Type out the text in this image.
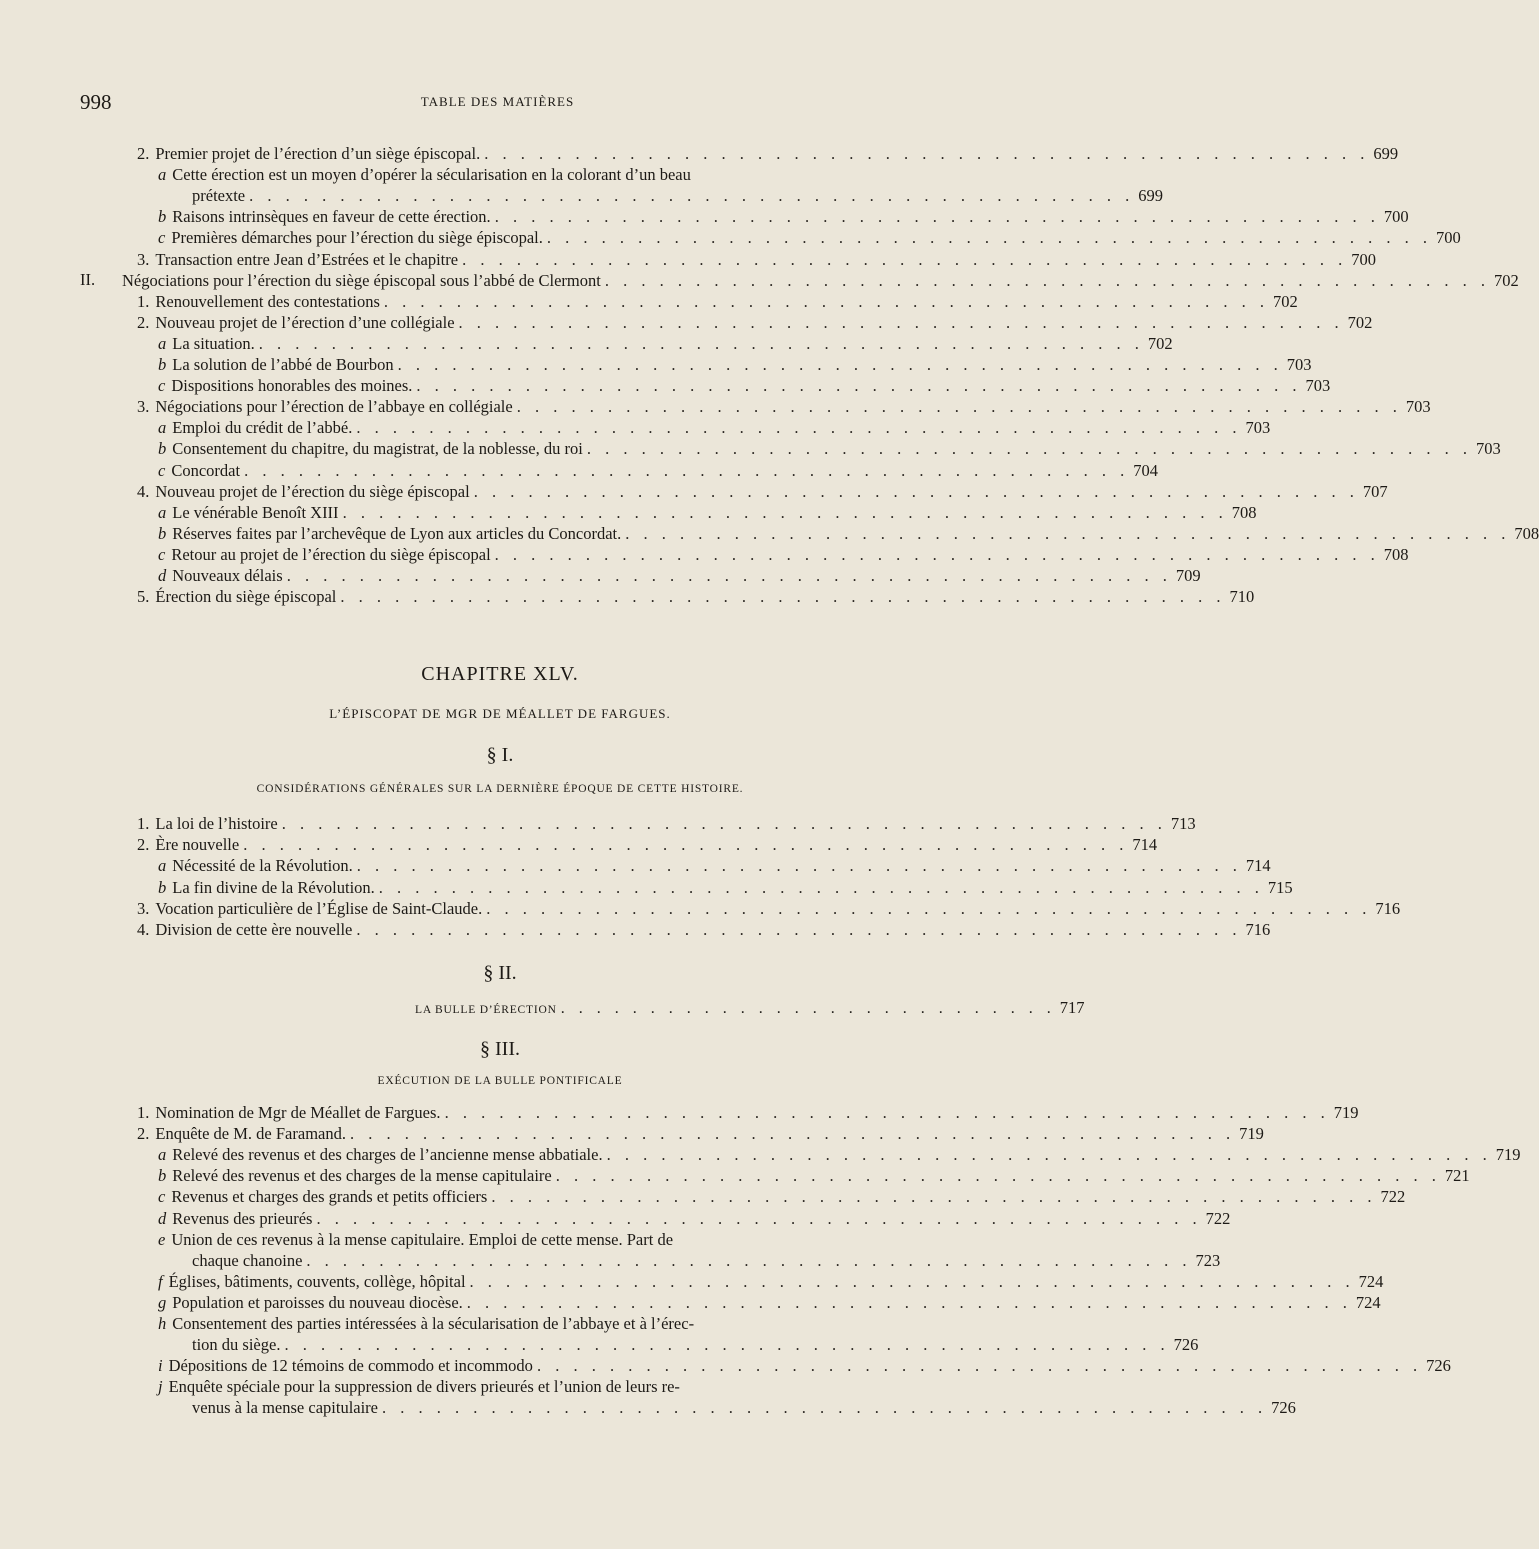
998	TABLE DES MATIÈRES
II.
CHAPITRE XLV.
L’ÉPISCOPAT DE MGR DE MÉALLET DE FARGUES.
§ I.
CONSIDÉRATIONS GÉNÉRALES SUR LA DERNIÈRE ÉPOQUE DE CETTE HISTOIRE.
§ II.
LA BULLE D’ÉRECTION . . . . . . . . . . . . . . . . . . . . . . . . . . . . 717
§ III.
EXÉCUTION DE LA BULLE PONTIFICALE
2. Premier projet de l’érection d’un siège épiscopal. . . . . . . . . . . . . . . . . . . . . . . . . . . . . . . . . . . . . . . . . . . . . . . . . . 699
a Cette érection est un moyen d’opérer la sécularisation en la colorant d’un beau
prétexte . . . . . . . . . . . . . . . . . . . . . . . . . . . . . . . . . . . . . . . . . . . . . . . . . 699
b Raisons intrinsèques en faveur de cette érection. . . . . . . . . . . . . . . . . . . . . . . . . . . . . . . . . . . . . . . . . . . . . . . . . . 700
c Premières démarches pour l’érection du siège épiscopal. . . . . . . . . . . . . . . . . . . . . . . . . . . . . . . . . . . . . . . . . . . . . . . . . . 700
3. Transaction entre Jean d’Estrées et le chapitre . . . . . . . . . . . . . . . . . . . . . . . . . . . . . . . . . . . . . . . . . . . . . . . . . 700
Négociations pour l’érection du siège épiscopal sous l’abbé de Clermont . . . . . . . . . . . . . . . . . . . . . . . . . . . . . . . . . . . . . . . . . . . . . . . . . 702
1. Renouvellement des contestations . . . . . . . . . . . . . . . . . . . . . . . . . . . . . . . . . . . . . . . . . . . . . . . . . 702
2. Nouveau projet de l’érection d’une collégiale . . . . . . . . . . . . . . . . . . . . . . . . . . . . . . . . . . . . . . . . . . . . . . . . . 702
a La situation. . . . . . . . . . . . . . . . . . . . . . . . . . . . . . . . . . . . . . . . . . . . . . . . . . 702
b La solution de l’abbé de Bourbon . . . . . . . . . . . . . . . . . . . . . . . . . . . . . . . . . . . . . . . . . . . . . . . . . 703
c Dispositions honorables des moines. . . . . . . . . . . . . . . . . . . . . . . . . . . . . . . . . . . . . . . . . . . . . . . . . . 703
3. Négociations pour l’érection de l’abbaye en collégiale . . . . . . . . . . . . . . . . . . . . . . . . . . . . . . . . . . . . . . . . . . . . . . . . . 703
a Emploi du crédit de l’abbé. . . . . . . . . . . . . . . . . . . . . . . . . . . . . . . . . . . . . . . . . . . . . . . . . . 703
b Consentement du chapitre, du magistrat, de la noblesse, du roi . . . . . . . . . . . . . . . . . . . . . . . . . . . . . . . . . . . . . . . . . . . . . . . . . 703
c Concordat . . . . . . . . . . . . . . . . . . . . . . . . . . . . . . . . . . . . . . . . . . . . . . . . . 704
4. Nouveau projet de l’érection du siège épiscopal . . . . . . . . . . . . . . . . . . . . . . . . . . . . . . . . . . . . . . . . . . . . . . . . . 707
a Le vénérable Benoît XIII . . . . . . . . . . . . . . . . . . . . . . . . . . . . . . . . . . . . . . . . . . . . . . . . . 708
b Réserves faites par l’archevêque de Lyon aux articles du Concordat. . . . . . . . . . . . . . . . . . . . . . . . . . . . . . . . . . . . . . . . . . . . . . . . . . 708
c Retour au projet de l’érection du siège épiscopal . . . . . . . . . . . . . . . . . . . . . . . . . . . . . . . . . . . . . . . . . . . . . . . . . 708
d Nouveaux délais . . . . . . . . . . . . . . . . . . . . . . . . . . . . . . . . . . . . . . . . . . . . . . . . . 709
5. Érection du siège épiscopal . . . . . . . . . . . . . . . . . . . . . . . . . . . . . . . . . . . . . . . . . . . . . . . . . 710
1. La loi de l’histoire . . . . . . . . . . . . . . . . . . . . . . . . . . . . . . . . . . . . . . . . . . . . . . . . . 713
2. Ère nouvelle . . . . . . . . . . . . . . . . . . . . . . . . . . . . . . . . . . . . . . . . . . . . . . . . . 714
a Nécessité de la Révolution. . . . . . . . . . . . . . . . . . . . . . . . . . . . . . . . . . . . . . . . . . . . . . . . . . 714
b La fin divine de la Révolution. . . . . . . . . . . . . . . . . . . . . . . . . . . . . . . . . . . . . . . . . . . . . . . . . . 715
3. Vocation particulière de l’Église de Saint-Claude. . . . . . . . . . . . . . . . . . . . . . . . . . . . . . . . . . . . . . . . . . . . . . . . . . 716
4. Division de cette ère nouvelle . . . . . . . . . . . . . . . . . . . . . . . . . . . . . . . . . . . . . . . . . . . . . . . . . 716
1. Nomination de Mgr de Méallet de Fargues. . . . . . . . . . . . . . . . . . . . . . . . . . . . . . . . . . . . . . . . . . . . . . . . . . 719
2. Enquête de M. de Faramand. . . . . . . . . . . . . . . . . . . . . . . . . . . . . . . . . . . . . . . . . . . . . . . . . . 719
a Relevé des revenus et des charges de l’ancienne mense abbatiale. . . . . . . . . . . . . . . . . . . . . . . . . . . . . . . . . . . . . . . . . . . . . . . . . . 719
b Relevé des revenus et des charges de la mense capitulaire . . . . . . . . . . . . . . . . . . . . . . . . . . . . . . . . . . . . . . . . . . . . . . . . . 721
c Revenus et charges des grands et petits officiers . . . . . . . . . . . . . . . . . . . . . . . . . . . . . . . . . . . . . . . . . . . . . . . . . 722
d Revenus des prieurés . . . . . . . . . . . . . . . . . . . . . . . . . . . . . . . . . . . . . . . . . . . . . . . . . 722
e Union de ces revenus à la mense capitulaire. Emploi de cette mense. Part de
chaque chanoine . . . . . . . . . . . . . . . . . . . . . . . . . . . . . . . . . . . . . . . . . . . . . . . . . 723
f Églises, bâtiments, couvents, collège, hôpital . . . . . . . . . . . . . . . . . . . . . . . . . . . . . . . . . . . . . . . . . . . . . . . . . 724
g Population et paroisses du nouveau diocèse. . . . . . . . . . . . . . . . . . . . . . . . . . . . . . . . . . . . . . . . . . . . . . . . . . 724
h Consentement des parties intéressées à la sécularisation de l’abbaye et à l’érec-
tion du siège. . . . . . . . . . . . . . . . . . . . . . . . . . . . . . . . . . . . . . . . . . . . . . . . . . 726
i Dépositions de 12 témoins de commodo et incommodo . . . . . . . . . . . . . . . . . . . . . . . . . . . . . . . . . . . . . . . . . . . . . . . . . 726
j Enquête spéciale pour la suppression de divers prieurés et l’union de leurs re-
venus à la mense capitulaire . . . . . . . . . . . . . . . . . . . . . . . . . . . . . . . . . . . . . . . . . . . . . . . . . 726
